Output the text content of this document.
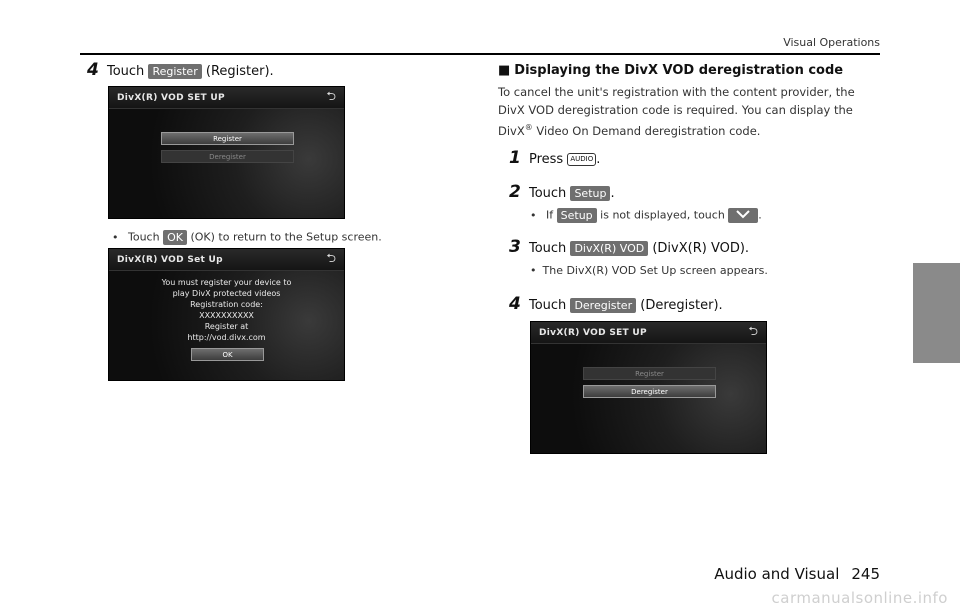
Visual Operations
4 Touch Register (Register).
DivX(R) VOD SET UP	⮌
Register
Deregister
• Touch OK (OK) to return to the Setup screen.
DivX(R) VOD Set Up	⮌
You must register your device to
play DivX protected videos
Registration code:
XXXXXXXXXX
Register at
http://vod.divx.com
OK
■ Displaying the DivX VOD deregistration code
To cancel the unit's registration with the content provider, the DivX VOD deregistration code is required. You can display the DivX® Video On Demand deregistration code.
1 Press AUDIO .
2 Touch Setup .
• If Setup is not displayed, touch	.
3 Touch DivX(R) VOD (DivX(R) VOD).
• The DivX(R) VOD Set Up screen appears.
4 Touch Deregister (Deregister).
DivX(R) VOD SET UP	⮌
Register
Deregister
Audio and Visual 245
carmanualsonline.info
